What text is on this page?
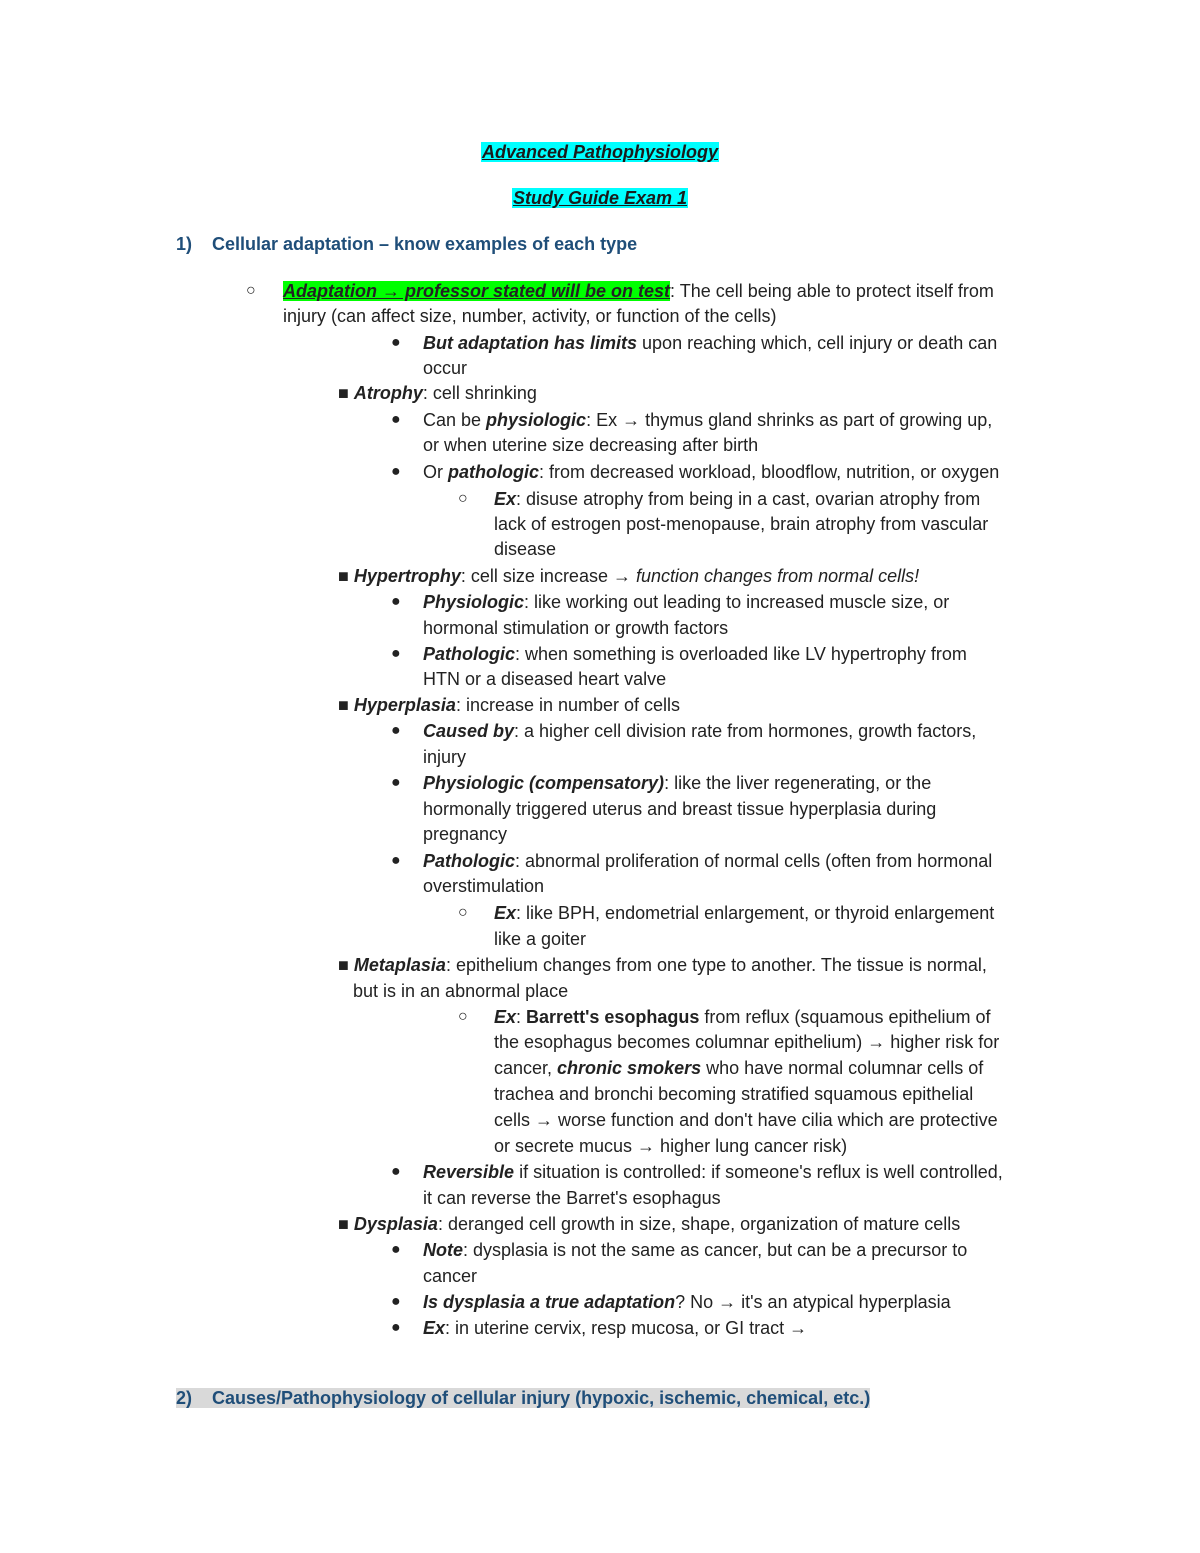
Advanced Pathophysiology
Study Guide Exam 1
1) Cellular adaptation – know examples of each type
○ Adaptation → professor stated will be on test: The cell being able to protect itself from
injury (can affect size, number, activity, or function of the cells)
● But adaptation has limits upon reaching which, cell injury or death can
occur
■ Atrophy: cell shrinking
● Can be physiologic: Ex → thymus gland shrinks as part of growing up,
or when uterine size decreasing after birth
● Or pathologic: from decreased workload, bloodflow, nutrition, or oxygen
○ Ex: disuse atrophy from being in a cast, ovarian atrophy from
lack of estrogen post-menopause, brain atrophy from vascular
disease
■ Hypertrophy: cell size increase → function changes from normal cells!
● Physiologic: like working out leading to increased muscle size, or
hormonal stimulation or growth factors
● Pathologic: when something is overloaded like LV hypertrophy from
HTN or a diseased heart valve
■ Hyperplasia: increase in number of cells
● Caused by: a higher cell division rate from hormones, growth factors,
injury
● Physiologic (compensatory): like the liver regenerating, or the
hormonally triggered uterus and breast tissue hyperplasia during
pregnancy
● Pathologic: abnormal proliferation of normal cells (often from hormonal
overstimulation
○ Ex: like BPH, endometrial enlargement, or thyroid enlargement
like a goiter
■ Metaplasia: epithelium changes from one type to another. The tissue is normal,
but is in an abnormal place
○ Ex: Barrett's esophagus from reflux (squamous epithelium of
the esophagus becomes columnar epithelium) → higher risk for
cancer, chronic smokers who have normal columnar cells of
trachea and bronchi becoming stratified squamous epithelial
cells → worse function and don't have cilia which are protective
or secrete mucus → higher lung cancer risk)
● Reversible if situation is controlled: if someone's reflux is well controlled,
it can reverse the Barret's esophagus
■ Dysplasia: deranged cell growth in size, shape, organization of mature cells
● Note: dysplasia is not the same as cancer, but can be a precursor to
cancer
● Is dysplasia a true adaptation? No → it's an atypical hyperplasia
● Ex: in uterine cervix, resp mucosa, or GI tract →
2) Causes/Pathophysiology of cellular injury (hypoxic, ischemic, chemical, etc.)
